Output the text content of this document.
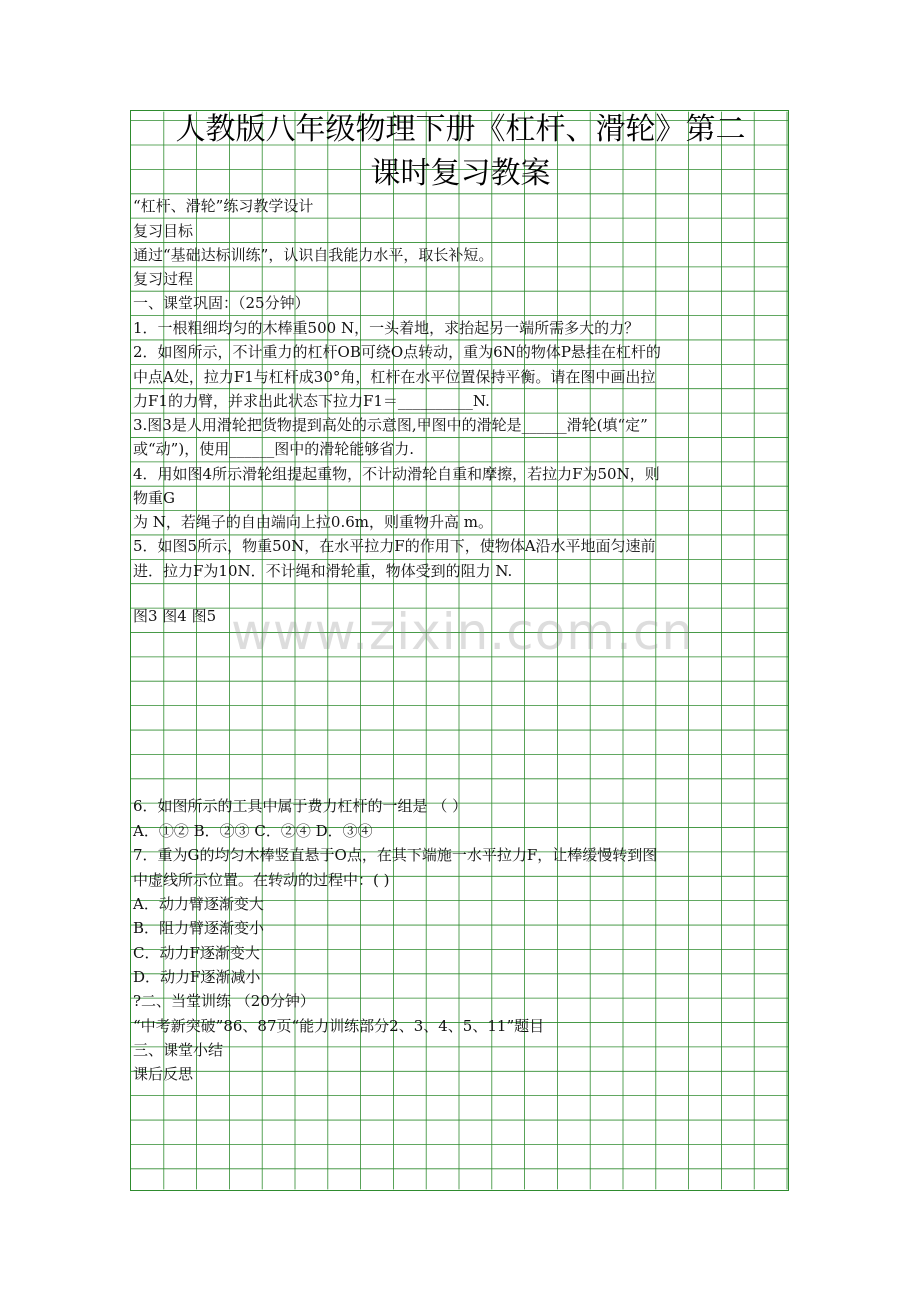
www.zixin.com.cn
人教版八年级物理下册《杠杆、滑轮》第二
课时复习教案
“杠杆、滑轮”练习教学设计
复习目标
通过“基础达标训练”，认识自我能力水平，取长补短。
复习过程
一、课堂巩固：（25分钟）
1．一根粗细均匀的木棒重500 N，一头着地，求抬起另一端所需多大的力？
2．如图所示，不计重力的杠杆OB可绕O点转动，重为6N的物体P悬挂在杠杆的
中点A处，拉力F1与杠杆成30°角，杠杆在水平位置保持平衡。请在图中画出拉
力F1的力臂，并求出此状态下拉力F1＝__________N.
3.图3是人用滑轮把货物提到高处的示意图,甲图中的滑轮是______滑轮(填“定”
或“动”)，使用______图中的滑轮能够省力.
4．用如图4所示滑轮组提起重物，不计动滑轮自重和摩擦，若拉力F为50N，则
物重G
为 N，若绳子的自由端向上拉0.6m，则重物升高 m。
5．如图5所示，物重50N，在水平拉力F的作用下，使物体A沿水平地面匀速前
进．拉力F为10N．不计绳和滑轮重，物体受到的阻力 N.
图3 图4 图5
6．如图所示的工具中属于费力杠杆的一组是 （ ）
A．①② B．②③ C．②④ D．③④
7．重为G的均匀木棒竖直悬于O点，在其下端施一水平拉力F，让棒缓慢转到图
中虚线所示位置。在转动的过程中：( )
A．动力臂逐渐变大
B．阻力臂逐渐变小
C．动力F逐渐变大
D．动力F逐渐减小
?二、当堂训练 （20分钟）
“中考新突破”86、87页“能力训练部分2、3、4、5、11”题目
三、课堂小结
课后反思
